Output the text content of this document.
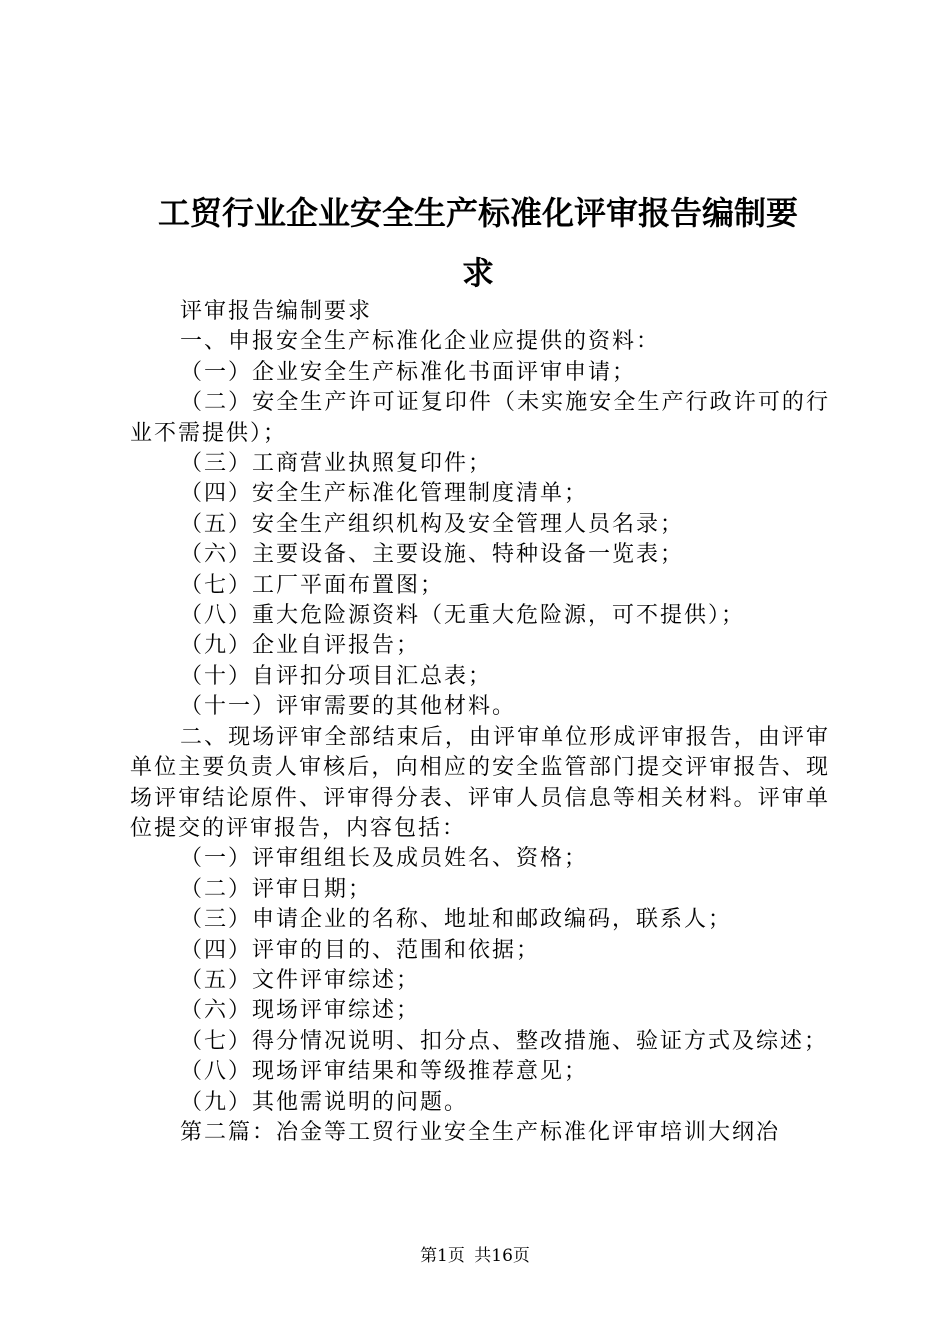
工贸行业企业安全生产标准化评审报告编制要
求

评审报告编制要求

一、申报安全生产标准化企业应提供的资料：

（一）企业安全生产标准化书面评审申请；

（二）安全生产许可证复印件（未实施安全生产行政许可的行业不需提供）；

（三）工商营业执照复印件；

（四）安全生产标准化管理制度清单；

（五）安全生产组织机构及安全管理人员名录；

（六）主要设备、主要设施、特种设备一览表；

（七）工厂平面布置图；

（八）重大危险源资料（无重大危险源，可不提供）；

（九）企业自评报告；

（十）自评扣分项目汇总表；

（十一）评审需要的其他材料。

二、现场评审全部结束后，由评审单位形成评审报告，由评审单位主要负责人审核后，向相应的安全监管部门提交评审报告、现场评审结论原件、评审得分表、评审人员信息等相关材料。评审单位提交的评审报告，内容包括：

（一）评审组组长及成员姓名、资格；

（二）评审日期；

（三）申请企业的名称、地址和邮政编码，联系人；

（四）评审的目的、范围和依据；

（五）文件评审综述；

（六）现场评审综述；

（七）得分情况说明、扣分点、整改措施、验证方式及综述；

（八）现场评审结果和等级推荐意见；

（九）其他需说明的问题。

第二篇：冶金等工贸行业安全生产标准化评审培训大纲冶

第1页 共16页
